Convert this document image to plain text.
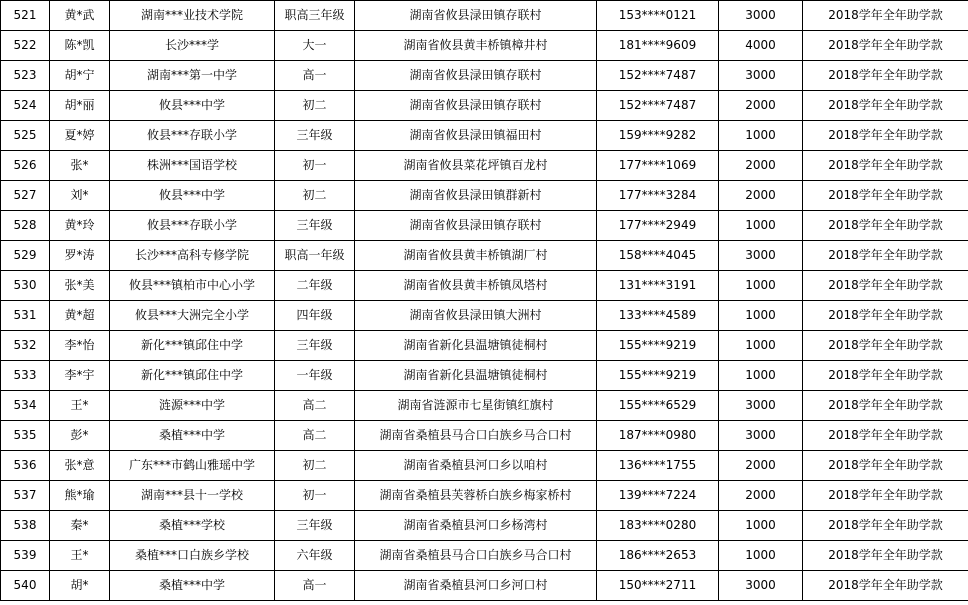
521	黄*武	湖南***业技术学院	职高三年级	湖南省攸县渌田镇存联村	153****0121	3000	2018学年全年助学款
522	陈*凯	长沙***学	大一	湖南省攸县黄丰桥镇樟井村	181****9609	4000	2018学年全年助学款
523	胡*宁	湖南***第一中学	高一	湖南省攸县渌田镇存联村	152****7487	3000	2018学年全年助学款
524	胡*丽	攸县***中学	初二	湖南省攸县渌田镇存联村	152****7487	2000	2018学年全年助学款
525	夏*婷	攸县***存联小学	三年级	湖南省攸县渌田镇福田村	159****9282	1000	2018学年全年助学款
526	张*	株洲***国语学校	初一	湖南省攸县菜花坪镇百龙村	177****1069	2000	2018学年全年助学款
527	刘*	攸县***中学	初二	湖南省攸县渌田镇群新村	177****3284	2000	2018学年全年助学款
528	黄*玲	攸县***存联小学	三年级	湖南省攸县渌田镇存联村	177****2949	1000	2018学年全年助学款
529	罗*涛	长沙***高科专修学院	职高一年级	湖南省攸县黄丰桥镇湖厂村	158****4045	3000	2018学年全年助学款
530	张*美	攸县***镇柏市中心小学	二年级	湖南省攸县黄丰桥镇凤塔村	131****3191	1000	2018学年全年助学款
531	黄*超	攸县***大洲完全小学	四年级	湖南省攸县渌田镇大洲村	133****4589	1000	2018学年全年助学款
532	李*怡	新化***镇邱住中学	三年级	湖南省新化县温塘镇徒桐村	155****9219	1000	2018学年全年助学款
533	李*宇	新化***镇邱住中学	一年级	湖南省新化县温塘镇徒桐村	155****9219	1000	2018学年全年助学款
534	王*	涟源***中学	高二	湖南省涟源市七星街镇红旗村	155****6529	3000	2018学年全年助学款
535	彭*	桑植***中学	高二	湖南省桑植县马合口白族乡马合口村	187****0980	3000	2018学年全年助学款
536	张*意	广东***市鹤山雅瑶中学	初二	湖南省桑植县河口乡以咱村	136****1755	2000	2018学年全年助学款
537	熊*瑜	湖南***县十一学校	初一	湖南省桑植县芙蓉桥白族乡梅家桥村	139****7224	2000	2018学年全年助学款
538	秦*	桑植***学校	三年级	湖南省桑植县河口乡杨湾村	183****0280	1000	2018学年全年助学款
539	王*	桑植***口白族乡学校	六年级	湖南省桑植县马合口白族乡马合口村	186****2653	1000	2018学年全年助学款
540	胡*	桑植***中学	高一	湖南省桑植县河口乡河口村	150****2711	3000	2018学年全年助学款
